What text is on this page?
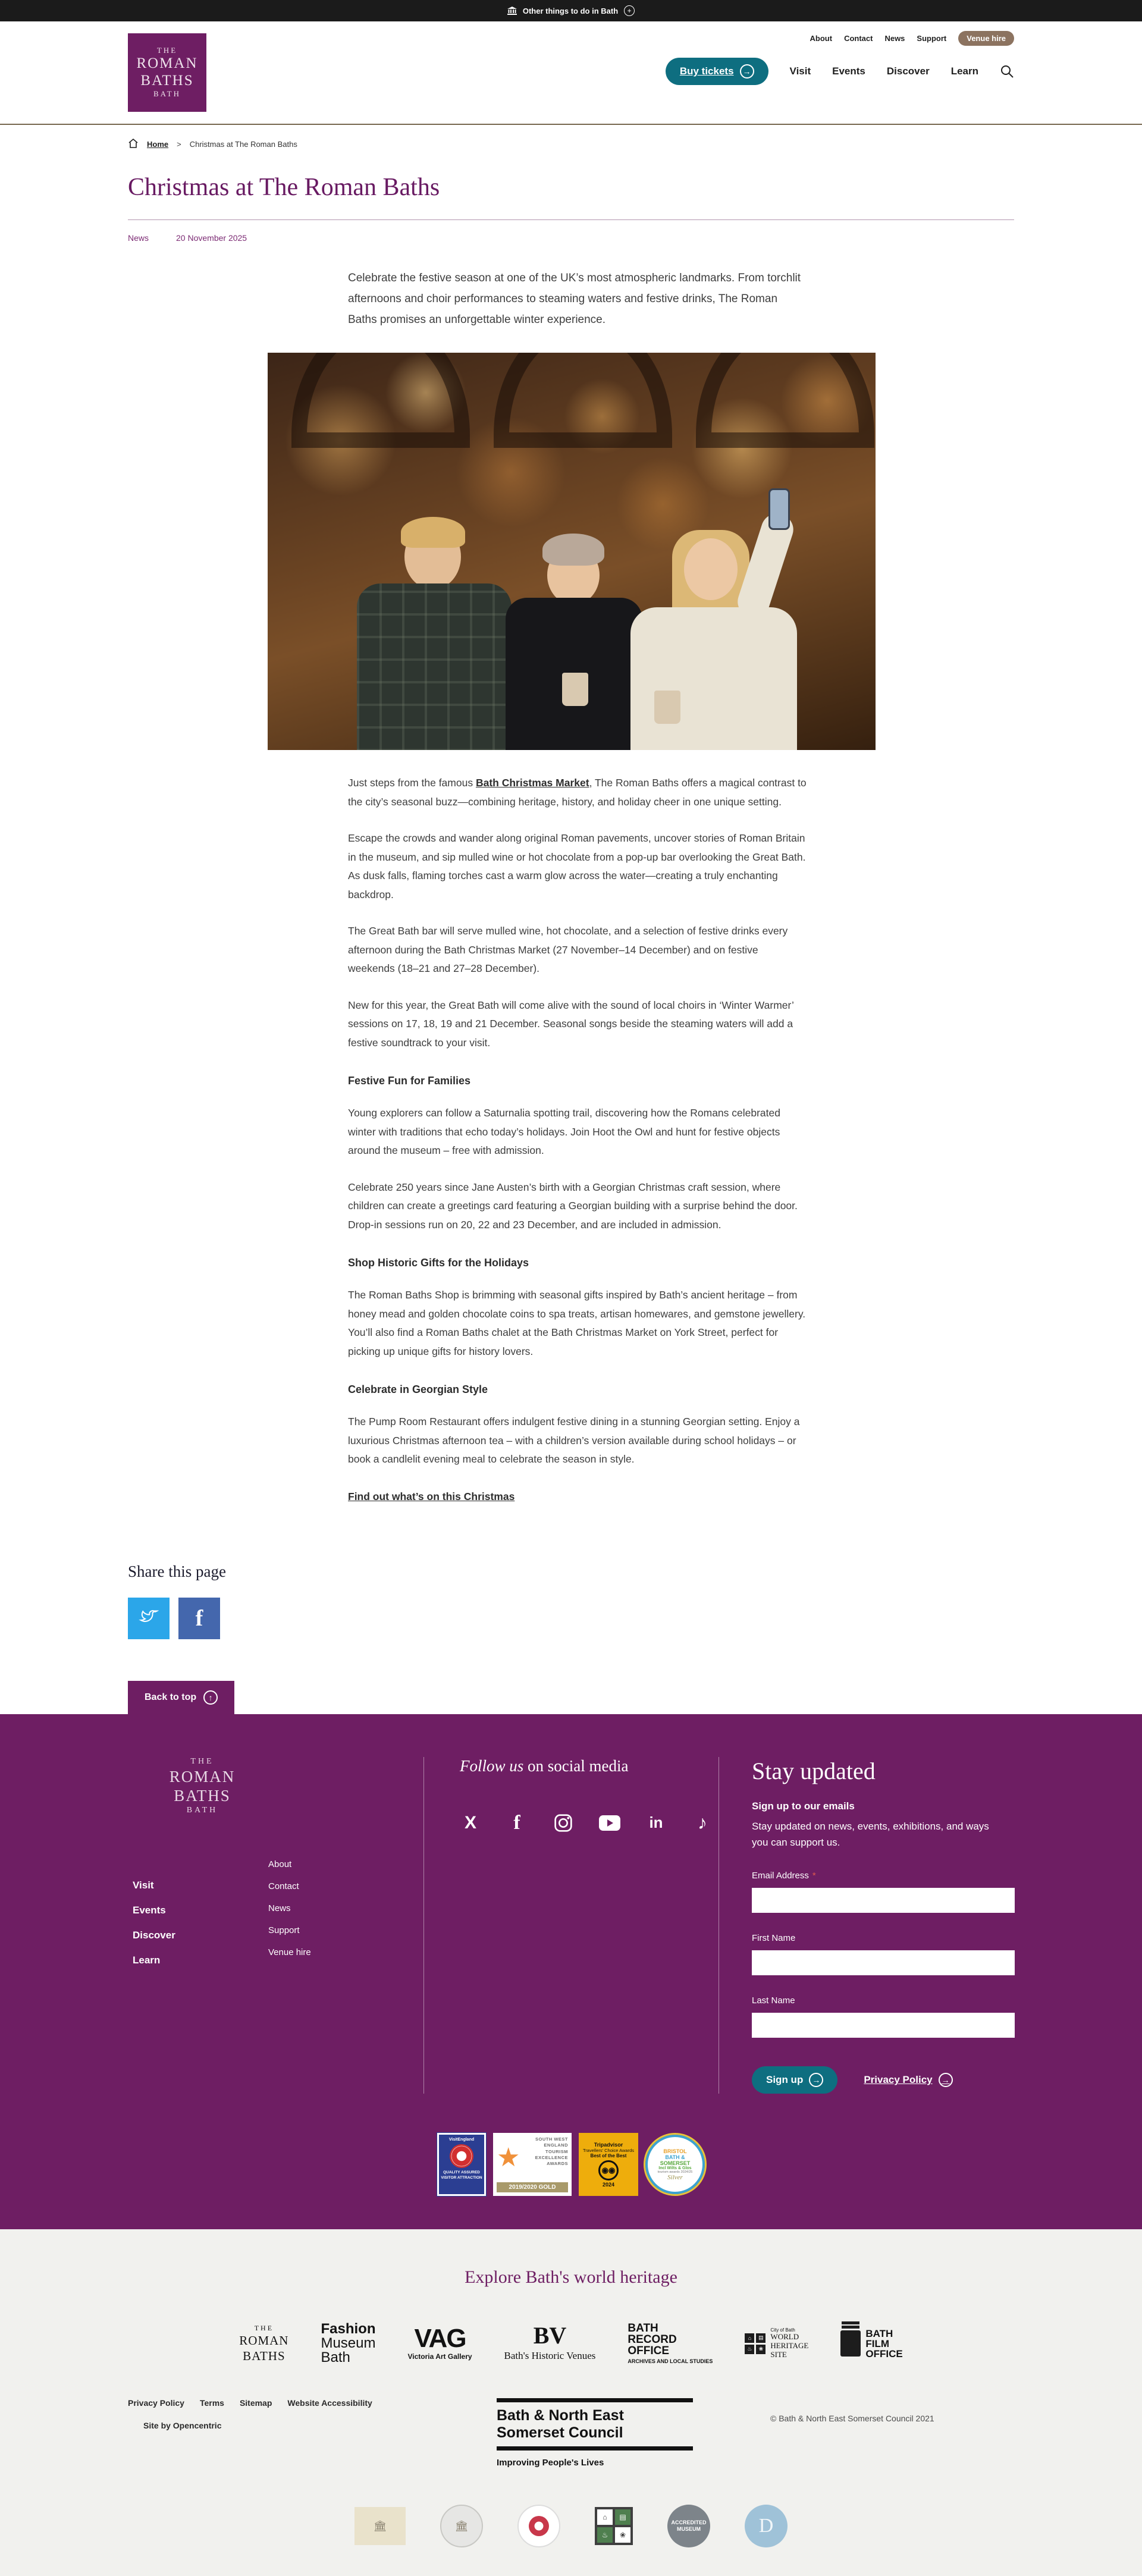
Other things to do in Bath	+
THE
ROMAN
BATHS
BATH
About Contact News Support	Venue hire
Buy tickets	→	Visit Events Discover Learn
Home > Christmas at The Roman Baths
Christmas at The Roman Baths
News	20 November 2025

Celebrate the festive season at one of the UK’s most atmospheric landmarks. From torchlit afternoons and choir performances to steaming waters and festive drinks, The Roman Baths promises an unforgettable winter experience.

Just steps from the famous Bath Christmas Market, The Roman Baths offers a magical contrast to the city’s seasonal buzz—combining heritage, history, and holiday cheer in one unique setting.

Escape the crowds and wander along original Roman pavements, uncover stories of Roman Britain in the museum, and sip mulled wine or hot chocolate from a pop-up bar overlooking the Great Bath. As dusk falls, flaming torches cast a warm glow across the water—creating a truly enchanting backdrop.

The Great Bath bar will serve mulled wine, hot chocolate, and a selection of festive drinks every afternoon during the Bath Christmas Market (27 November–14 December) and on festive weekends (18–21 and 27–28 December).

New for this year, the Great Bath will come alive with the sound of local choirs in ‘Winter Warmer’ sessions on 17, 18, 19 and 21 December. Seasonal songs beside the steaming waters will add a festive soundtrack to your visit.

Festive Fun for Families

Young explorers can follow a Saturnalia spotting trail, discovering how the Romans celebrated winter with traditions that echo today’s holidays. Join Hoot the Owl and hunt for festive objects around the museum – free with admission.

Celebrate 250 years since Jane Austen’s birth with a Georgian Christmas craft session, where children can create a greetings card featuring a Georgian building with a surprise behind the door. Drop-in sessions run on 20, 22 and 23 December, and are included in admission.

Shop Historic Gifts for the Holidays

The Roman Baths Shop is brimming with seasonal gifts inspired by Bath’s ancient heritage – from honey mead and golden chocolate coins to spa treats, artisan homewares, and gemstone jewellery. You’ll also find a Roman Baths chalet at the Bath Christmas Market on York Street, perfect for picking up unique gifts for history lovers.

Celebrate in Georgian Style

The Pump Room Restaurant offers indulgent festive dining in a stunning Georgian setting. Enjoy a luxurious Christmas afternoon tea – with a children’s version available during school holidays – or book a candlelit evening meal to celebrate the season in style.

Find out what’s on this Christmas
Share this page
f
Back to top	↑
THE
ROMAN
BATHS
BATH
Visit
Events
Discover
Learn
About
Contact
News
Support
Venue hire
Follow us on social media
X f	in ♪
Stay updated
Sign up to our emails

Stay updated on news, events, exhibitions, and ways you can support us.

Email Address *
First Name
Last Name
Sign up	→	Privacy Policy	→
VisitEngland
QUALITY ASSURED VISITOR ATTRACTION
★
SOUTH WEST ENGLAND TOURISM EXCELLENCE AWARDS
2019/2020 GOLD
Tripadvisor
Travellers’ Choice Awards
Best of the Best
◉◉
2024
BRISTOL
BATH &
SOMERSET
Incl Wilts & Glos
tourism awards 2024/25
Silver
Explore Bath's world heritage
THE
ROMAN
BATHS
Fashion
Museum
Bath
VAG
Victoria Art Gallery
BV
Bath's Historic Venues
BATH
RECORD
OFFICE
ARCHIVES AND LOCAL STUDIES
⌂	▤
♨	❀
City of Bath
WORLD
HERITAGE
SITE
BATH
FILM
OFFICE
Privacy Policy Terms Sitemap Website Accessibility
Site by Opencentric
Bath & North East
Somerset Council
Improving People's Lives
© Bath & North East Somerset Council 2021
🏛	🏛
⌂	▤
♨	❀
ACCREDITED MUSEUM	D
